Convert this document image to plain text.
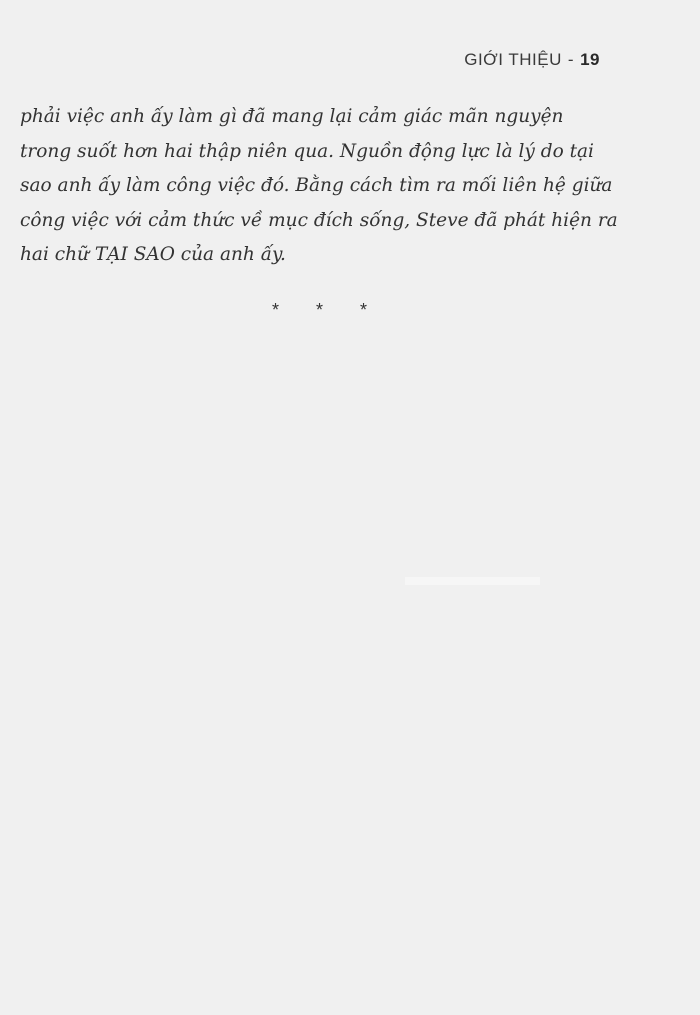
GIỚI THIỆU - 19
phải việc anh ấy làm gì đã mang lại cảm giác mãn nguyện
trong suốt hơn hai thập niên qua. Nguồn động lực là lý do tại
sao anh ấy làm công việc đó. Bằng cách tìm ra mối liên hệ giữa
công việc với cảm thức về mục đích sống, Steve đã phát hiện ra
hai chữ TẠI SAO của anh ấy.
* * *
